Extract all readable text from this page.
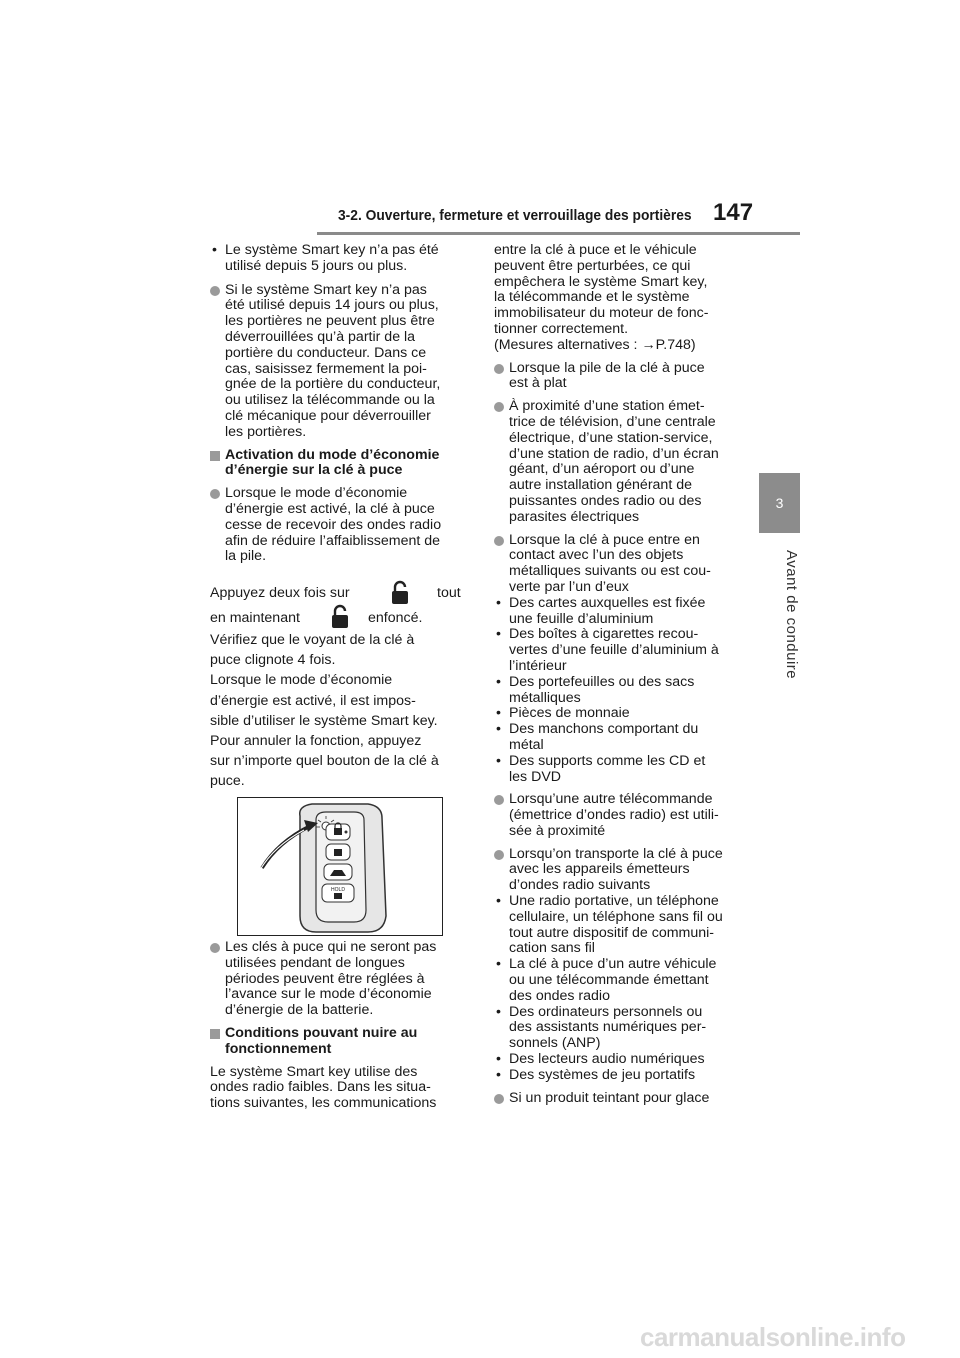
3-2. Ouverture, fermeture et verrouillage des portières 147
3
Avant de conduire
• Le système Smart key n’a pas été

utilisé depuis 5 jours ou plus.

Si le système Smart key n’a pas

été utilisé depuis 14 jours ou plus,

les portières ne peuvent plus être

déverrouillées qu’à partir de la

portière du conducteur. Dans ce

cas, saisissez fermement la poi-

gnée de la portière du conducteur,

ou utilisez la télécommande ou la

clé mécanique pour déverrouiller

les portières.

Activation du mode d’économie

d’énergie sur la clé à puce

Lorsque le mode d’économie

d’énergie est activé, la clé à puce

cesse de recevoir des ondes radio

afin de réduire l’affaiblissement de

la pile.

Appuyez deux fois sur	tout
en maintenant	enfoncé.

Vérifiez que le voyant de la clé à

puce clignote 4 fois.

Lorsque le mode d’économie

d’énergie est activé, il est impos-

sible d’utiliser le système Smart key.

Pour annuler la fonction, appuyez

sur n’importe quel bouton de la clé à

puce.

HOLD

Les clés à puce qui ne seront pas

utilisées pendant de longues

périodes peuvent être réglées à

l’avance sur le mode d’économie

d’énergie de la batterie.

Conditions pouvant nuire au

fonctionnement

Le système Smart key utilise des

ondes radio faibles. Dans les situa-

tions suivantes, les communications

entre la clé à puce et le véhicule

peuvent être perturbées, ce qui

empêchera le système Smart key,

la télécommande et le système

immobilisateur du moteur de fonc-

tionner correctement.

(Mesures alternatives : →P.748)

Lorsque la pile de la clé à puce

est à plat

À proximité d’une station émet-

trice de télévision, d’une centrale

électrique, d’une station-service,

d’une station de radio, d’un écran

géant, d’un aéroport ou d’une

autre installation générant de

puissantes ondes radio ou des

parasites électriques

Lorsque la clé à puce entre en

contact avec l’un des objets

métalliques suivants ou est cou-

verte par l’un d’eux

• Des cartes auxquelles est fixée

une feuille d’aluminium

• Des boîtes à cigarettes recou-

vertes d’une feuille d’aluminium à

l’intérieur

• Des portefeuilles ou des sacs

métalliques

• Pièces de monnaie

• Des manchons comportant du

métal

• Des supports comme les CD et

les DVD

Lorsqu’une autre télécommande

(émettrice d’ondes radio) est utili-

sée à proximité

Lorsqu’on transporte la clé à puce

avec les appareils émetteurs

d’ondes radio suivants

• Une radio portative, un téléphone

cellulaire, un téléphone sans fil ou

tout autre dispositif de communi-

cation sans fil

• La clé à puce d’un autre véhicule

ou une télécommande émettant

des ondes radio

• Des ordinateurs personnels ou

des assistants numériques per-

sonnels (ANP)

• Des lecteurs audio numériques

• Des systèmes de jeu portatifs

Si un produit teintant pour glace

carmanualsonline.info
